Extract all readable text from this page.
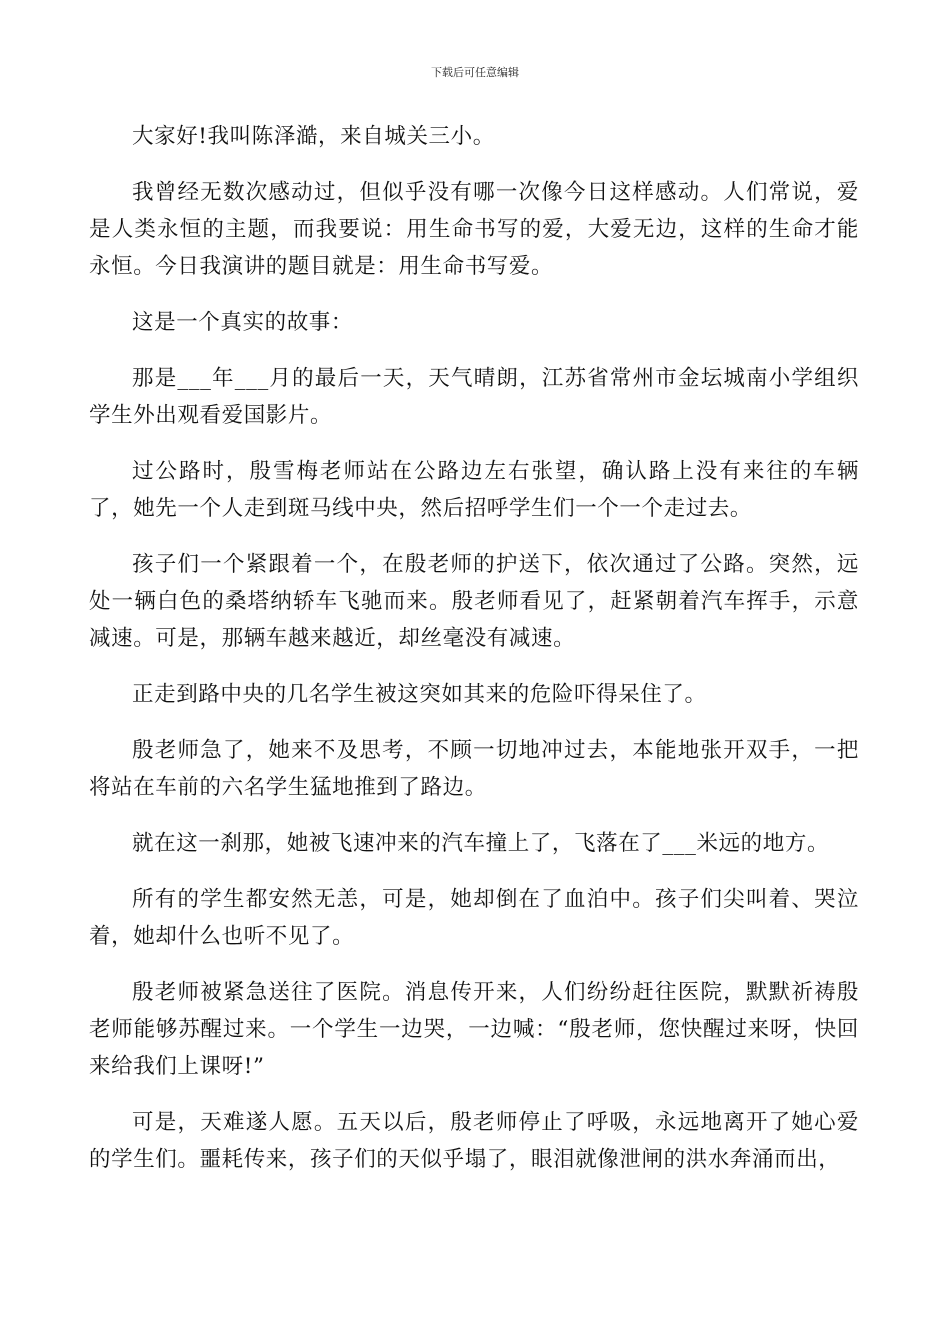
下载后可任意编辑

大家好!我叫陈泽澔，来自城关三小。

我曾经无数次感动过，但似乎没有哪一次像今日这样感动。人们常说，爱是人类永恒的主题，而我要说：用生命书写的爱，大爱无边，这样的生命才能永恒。今日我演讲的题目就是：用生命书写爱。

这是一个真实的故事：

那是___年___月的最后一天，天气晴朗，江苏省常州市金坛城南小学组织学生外出观看爱国影片。

过公路时，殷雪梅老师站在公路边左右张望，确认路上没有来往的车辆了，她先一个人走到斑马线中央，然后招呼学生们一个一个走过去。

孩子们一个紧跟着一个，在殷老师的护送下，依次通过了公路。突然，远处一辆白色的桑塔纳轿车飞驰而来。殷老师看见了，赶紧朝着汽车挥手，示意减速。可是，那辆车越来越近，却丝毫没有减速。

正走到路中央的几名学生被这突如其来的危险吓得呆住了。

殷老师急了，她来不及思考，不顾一切地冲过去，本能地张开双手，一把将站在车前的六名学生猛地推到了路边。

就在这一刹那，她被飞速冲来的汽车撞上了，飞落在了___米远的地方。

所有的学生都安然无恙，可是，她却倒在了血泊中。孩子们尖叫着、哭泣着，她却什么也听不见了。

殷老师被紧急送往了医院。消息传开来，人们纷纷赶往医院，默默祈祷殷老师能够苏醒过来。一个学生一边哭，一边喊：“殷老师，您快醒过来呀，快回来给我们上课呀!”

可是，天难遂人愿。五天以后，殷老师停止了呼吸，永远地离开了她心爱的学生们。噩耗传来，孩子们的天似乎塌了，眼泪就像泄闸的洪水奔涌而出，
